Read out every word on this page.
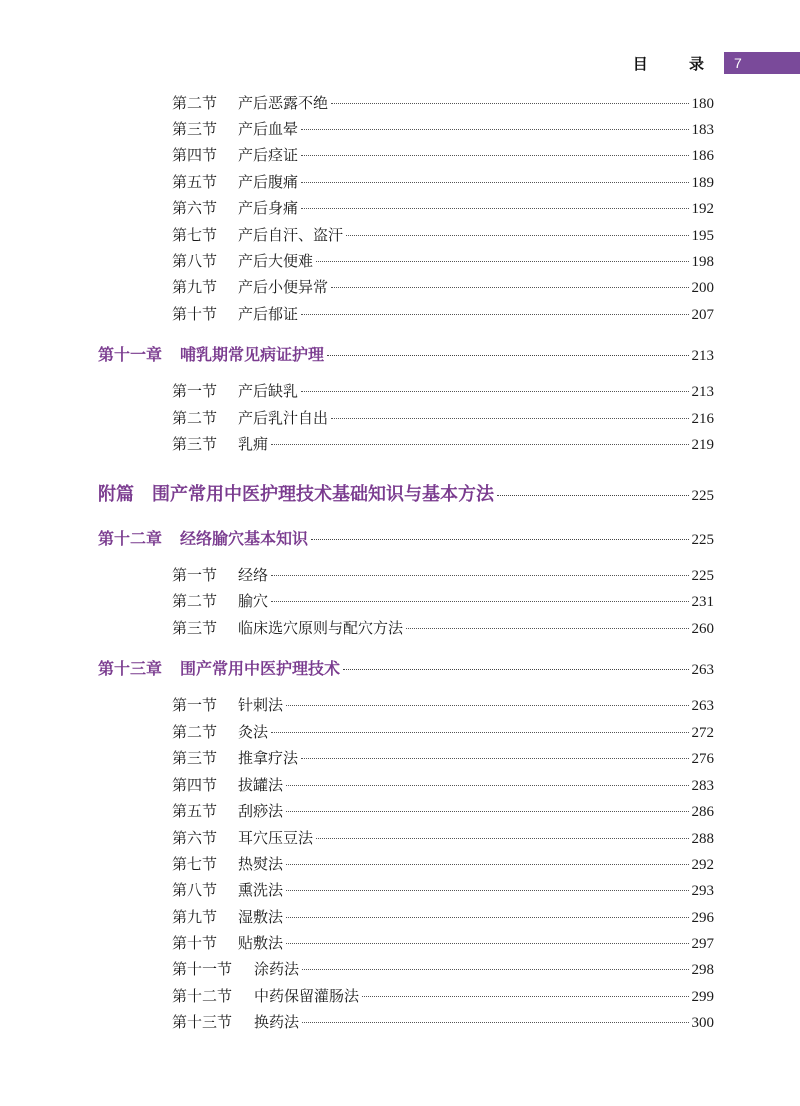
目 录 7
第二节	产后恶露不绝	180
第三节	产后血晕	183
第四节	产后痉证	186
第五节	产后腹痛	189
第六节	产后身痛	192
第七节	产后自汗、盗汗	195
第八节	产后大便难	198
第九节	产后小便异常	200
第十节	产后郁证	207
第十一章 哺乳期常见病证护理	213
第一节	产后缺乳	213
第二节	产后乳汁自出	216
第三节	乳痈	219
附篇 围产常用中医护理技术基础知识与基本方法	225
第十二章 经络腧穴基本知识	225
第一节	经络	225
第二节	腧穴	231
第三节	临床选穴原则与配穴方法	260
第十三章 围产常用中医护理技术	263
第一节	针刺法	263
第二节	灸法	272
第三节	推拿疗法	276
第四节	拔罐法	283
第五节	刮痧法	286
第六节	耳穴压豆法	288
第七节	热熨法	292
第八节	熏洗法	293
第九节	湿敷法	296
第十节	贴敷法	297
第十一节	涂药法	298
第十二节	中药保留灌肠法	299
第十三节	换药法	300
